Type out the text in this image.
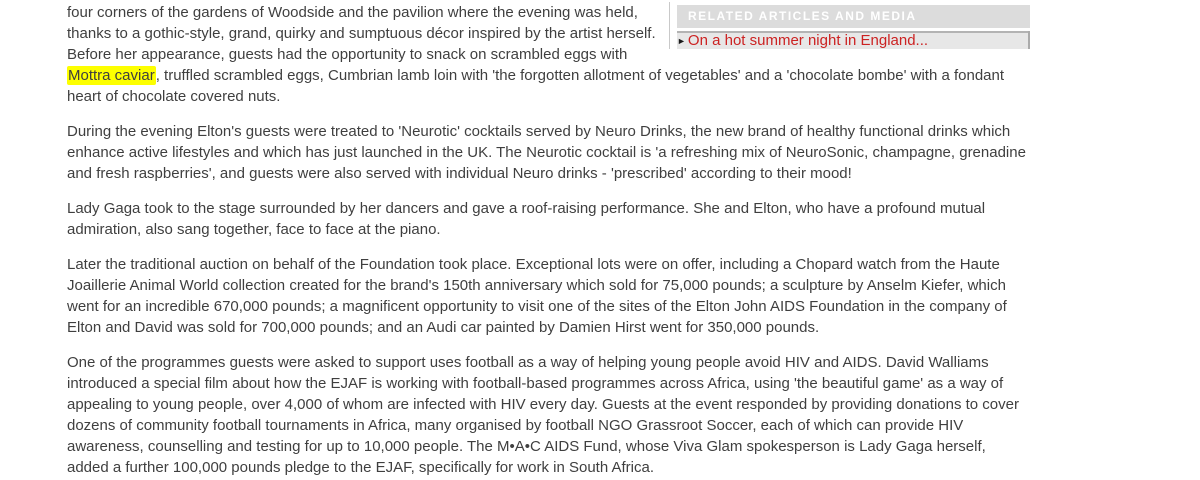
RELATED ARTICLES AND MEDIA
► On a hot summer night in England...

four corners of the gardens of Woodside and the pavilion where the evening was held, thanks to a gothic-style, grand, quirky and sumptuous décor inspired by the artist herself. Before her appearance, guests had the opportunity to snack on scrambled eggs with Mottra caviar, truffled scrambled eggs, Cumbrian lamb loin with 'the forgotten allotment of vegetables' and a 'chocolate bombe' with a fondant heart of chocolate covered nuts.

During the evening Elton's guests were treated to 'Neurotic' cocktails served by Neuro Drinks, the new brand of healthy functional drinks which enhance active lifestyles and which has just launched in the UK. The Neurotic cocktail is 'a refreshing mix of NeuroSonic, champagne, grenadine and fresh raspberries', and guests were also served with individual Neuro drinks - 'prescribed' according to their mood!

Lady Gaga took to the stage surrounded by her dancers and gave a roof-raising performance. She and Elton, who have a profound mutual admiration, also sang together, face to face at the piano.

Later the traditional auction on behalf of the Foundation took place. Exceptional lots were on offer, including a Chopard watch from the Haute Joaillerie Animal World collection created for the brand's 150th anniversary which sold for 75,000 pounds; a sculpture by Anselm Kiefer, which went for an incredible 670,000 pounds; a magnificent opportunity to visit one of the sites of the Elton John AIDS Foundation in the company of Elton and David was sold for 700,000 pounds; and an Audi car painted by Damien Hirst went for 350,000 pounds.

One of the programmes guests were asked to support uses football as a way of helping young people avoid HIV and AIDS. David Walliams introduced a special film about how the EJAF is working with football-based programmes across Africa, using 'the beautiful game' as a way of appealing to young people, over 4,000 of whom are infected with HIV every day. Guests at the event responded by providing donations to cover dozens of community football tournaments in Africa, many organised by football NGO Grassroot Soccer, each of which can provide HIV awareness, counselling and testing for up to 10,000 people. The M•A•C AIDS Fund, whose Viva Glam spokesperson is Lady Gaga herself, added a further 100,000 pounds pledge to the EJAF, specifically for work in South Africa.
